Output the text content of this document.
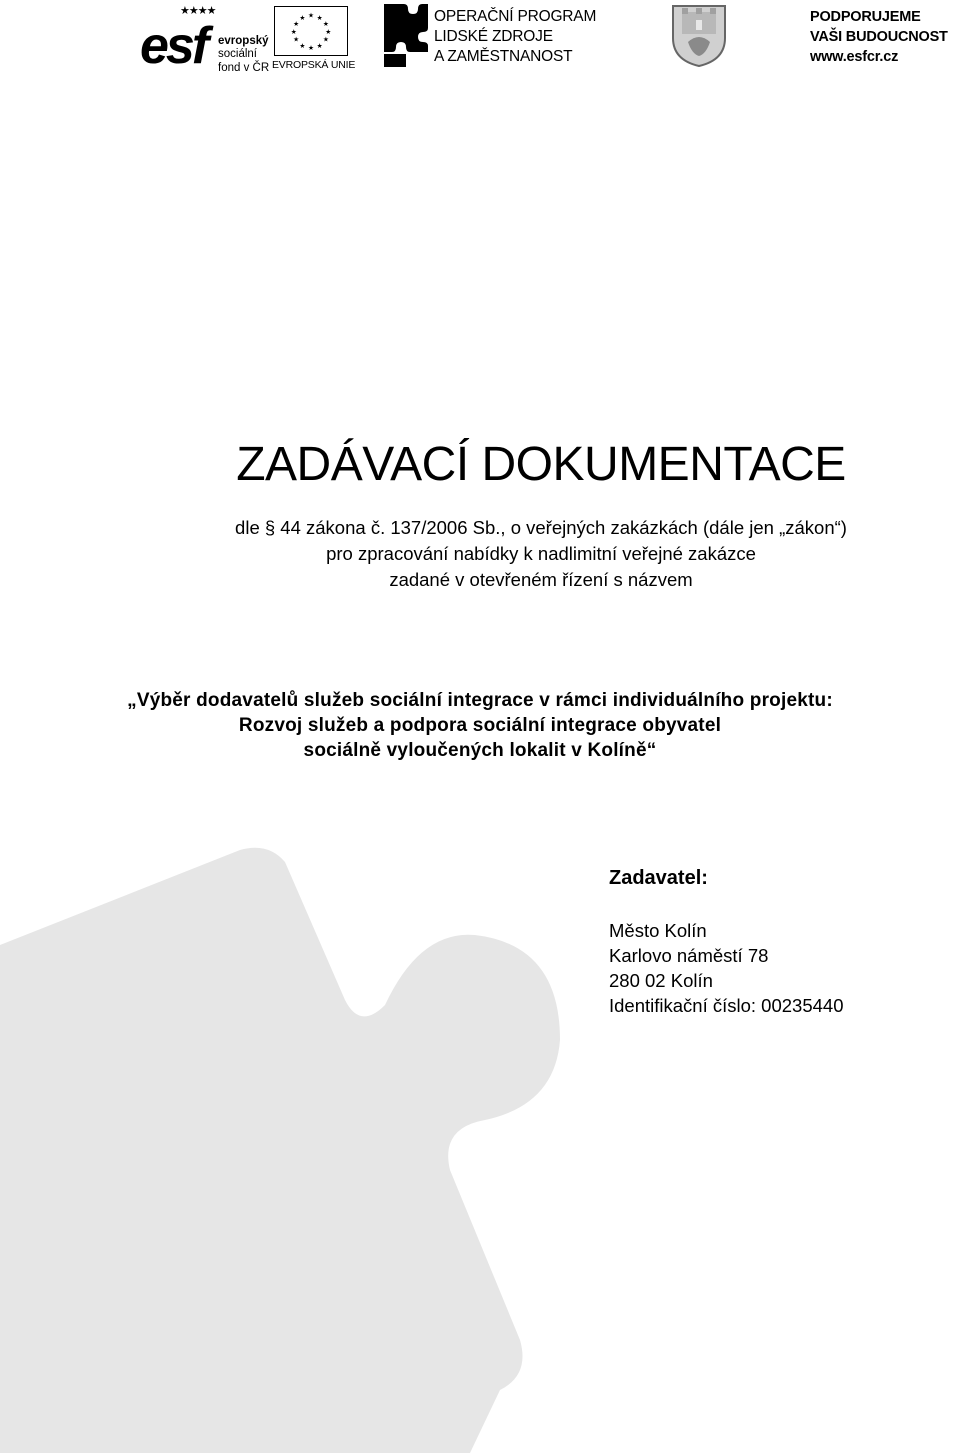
★★★★
esf evropský
sociální
fond v ČR
★ ★
★
★
★
★
★
★
★
★
★
★
EVROPSKÁ UNIE
OPERAČNÍ PROGRAM
LIDSKÉ ZDROJE
A ZAMĚSTNANOST
PODPORUJEME
VAŠI BUDOUCNOST
www.esfcr.cz
ZADÁVACÍ DOKUMENTACE
dle § 44 zákona č. 137/2006 Sb., o veřejných zakázkách (dále jen „zákon“)
pro zpracování nabídky k nadlimitní veřejné zakázce
zadané v otevřeném řízení s názvem
„Výběr dodavatelů služeb sociální integrace v rámci individuálního projektu:
Rozvoj služeb a podpora sociální integrace obyvatel
sociálně vyloučených lokalit v Kolíně“
Zadavatel:
Město Kolín
Karlovo náměstí 78
280 02 Kolín
Identifikační číslo: 00235440
